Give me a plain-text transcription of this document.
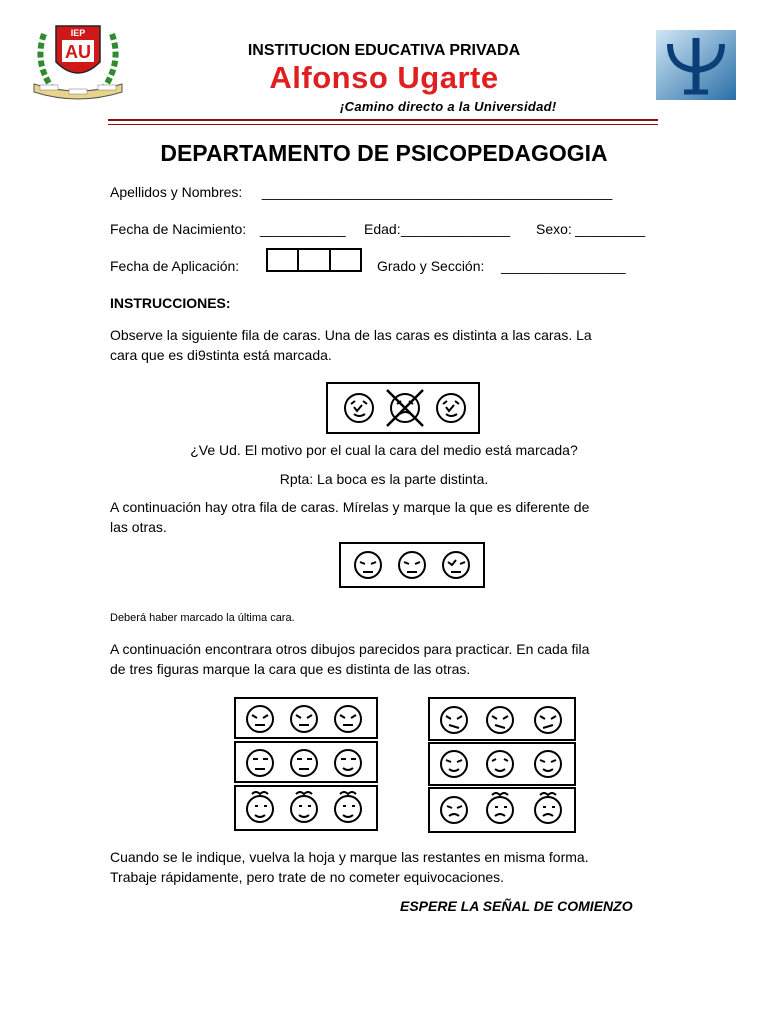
IEP
AU	INSTITUCION EDUCATIVA PRIVADA
Alfonso Ugarte
¡Camino directo a la Universidad!
DEPARTAMENTO DE PSICOPEDAGOGIA
Apellidos y Nombres: _____________________________________________
Fecha de Nacimiento: ___________ Edad: ______________ Sexo: _________
Fecha de Aplicación:	Grado y Sección: ________________
INSTRUCCIONES:
Observe la siguiente fila de caras. Una de las caras es distinta a las caras. La
cara que es di9stinta está marcada.
¿Ve Ud. El motivo por el cual la cara del medio está marcada?
Rpta: La boca es la parte distinta.
A continuación hay otra fila de caras. Mírelas y marque la que es diferente de
las otras.
Deberá haber marcado la última cara.
A continuación encontrara otros dibujos parecidos para practicar. En cada fila
de tres figuras marque la cara que es distinta de las otras.
Cuando se le indique, vuelva la hoja y marque las restantes en misma forma.
Trabaje rápidamente, pero trate de no cometer equivocaciones.
ESPERE LA SEÑAL DE COMIENZO
